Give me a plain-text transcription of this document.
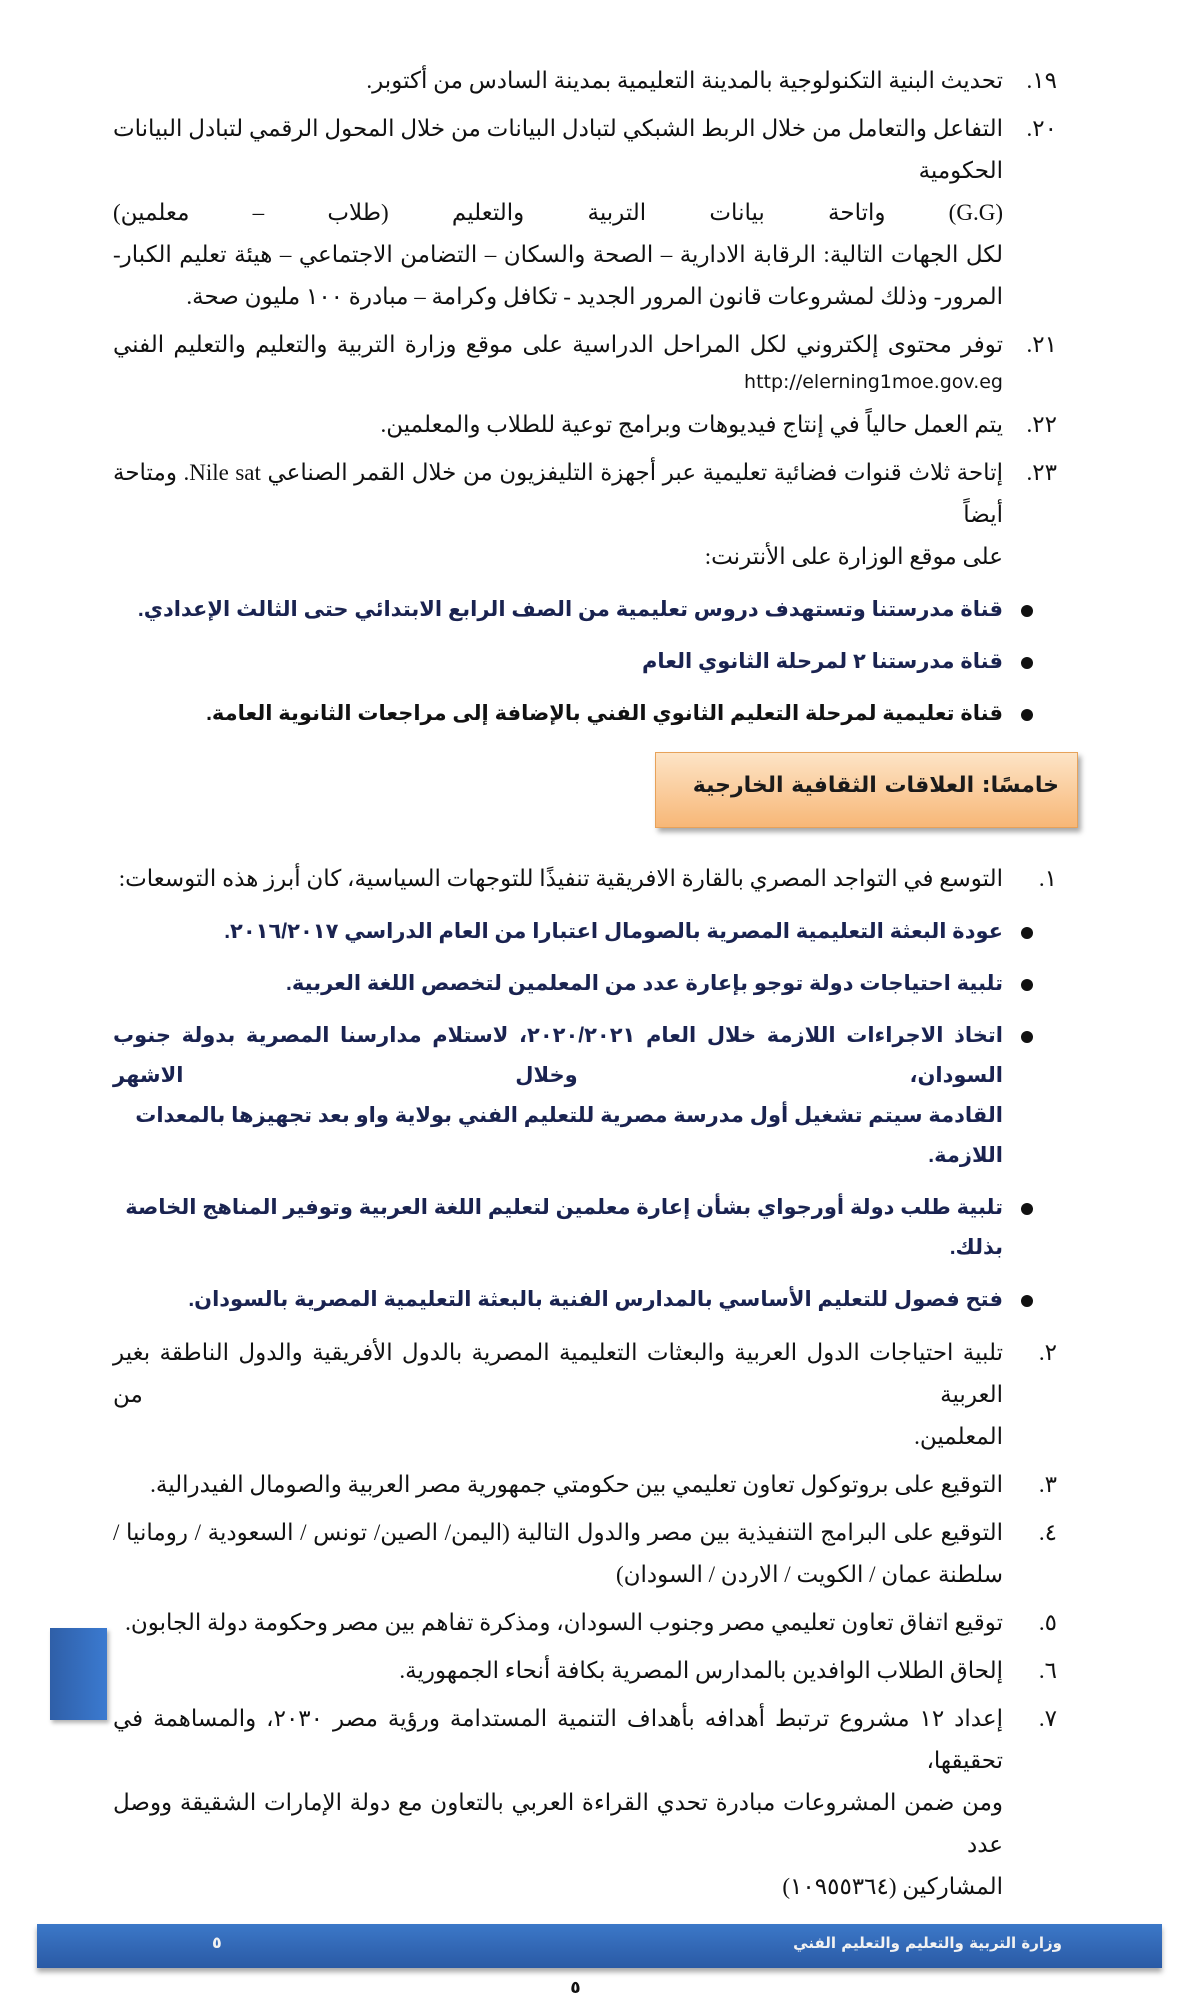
١٩.
تحديث البنية التكنولوجية بالمدينة التعليمية بمدينة السادس من أكتوبر.
٢٠.
التفاعل والتعامل من خلال الربط الشبكي لتبادل البيانات من خلال المحول الرقمي لتبادل البيانات الحكومية
(G.G) واتاحة بيانات التربية والتعليم (طلاب – معلمين)
لكل الجهات التالية: الرقابة الادارية – الصحة والسكان – التضامن الاجتماعي – هيئة تعليم الكبار-
المرور- وذلك لمشروعات قانون المرور الجديد - تكافل وكرامة – مبادرة ١٠٠ مليون صحة.
٢١.
توفر محتوى إلكتروني لكل المراحل الدراسية على موقع وزارة التربية والتعليم والتعليم الفني
http://elerning1moe.gov.eg
٢٢.
يتم العمل حالياً في إنتاج فيديوهات وبرامج توعية للطلاب والمعلمين.
٢٣.
إتاحة ثلاث قنوات فضائية تعليمية عبر أجهزة التليفزيون من خلال القمر الصناعي Nile sat. ومتاحة أيضاً
على موقع الوزارة على الأنترنت:
قناة مدرستنا وتستهدف دروس تعليمية من الصف الرابع الابتدائي حتى الثالث الإعدادي.
قناة مدرستنا ٢ لمرحلة الثانوي العام
قناة تعليمية لمرحلة التعليم الثانوي الفني بالإضافة إلى مراجعات الثانوية العامة.
خامسًا: العلاقات الثقافية الخارجية
١.
التوسع في التواجد المصري بالقارة الافريقية تنفيذًا للتوجهات السياسية، كان أبرز هذه التوسعات:
عودة البعثة التعليمية المصرية بالصومال اعتبارا من العام الدراسي ٢٠١٦/٢٠١٧.
تلبية احتياجات دولة توجو بإعارة عدد من المعلمين لتخصص اللغة العربية.
اتخاذ الاجراءات اللازمة خلال العام ٢٠٢٠/٢٠٢١، لاستلام مدارسنا المصرية بدولة جنوب السودان، وخلال الاشهر
القادمة سيتم تشغيل أول مدرسة مصرية للتعليم الفني بولاية واو بعد تجهيزها بالمعدات اللازمة.
تلبية طلب دولة أورجواي بشأن إعارة معلمين لتعليم اللغة العربية وتوفير المناهج الخاصة بذلك.
فتح فصول للتعليم الأساسي بالمدارس الفنية بالبعثة التعليمية المصرية بالسودان.
٢.
تلبية احتياجات الدول العربية والبعثات التعليمية المصرية بالدول الأفريقية والدول الناطقة بغير العربية من
المعلمين.
٣.
التوقيع على بروتوكول تعاون تعليمي بين حكومتي جمهورية مصر العربية والصومال الفيدرالية.
٤.
التوقيع على البرامج التنفيذية بين مصر والدول التالية (اليمن/ الصين/ تونس / السعودية / رومانيا /
سلطنة عمان / الكويت / الاردن / السودان)
٥.
توقيع اتفاق تعاون تعليمي مصر وجنوب السودان، ومذكرة تفاهم بين مصر وحكومة دولة الجابون.
٦.
إلحاق الطلاب الوافدين بالمدارس المصرية بكافة أنحاء الجمهورية.
٧.
إعداد ١٢ مشروع ترتبط أهدافه بأهداف التنمية المستدامة ورؤية مصر ٢٠٣٠، والمساهمة في تحقيقها،
ومن ضمن المشروعات مبادرة تحدي القراءة العربي بالتعاون مع دولة الإمارات الشقيقة ووصل عدد
المشاركين (١٠٩٥٥٣٦٤)
وزارة التربية والتعليم والتعليم الفني
٥
٥
